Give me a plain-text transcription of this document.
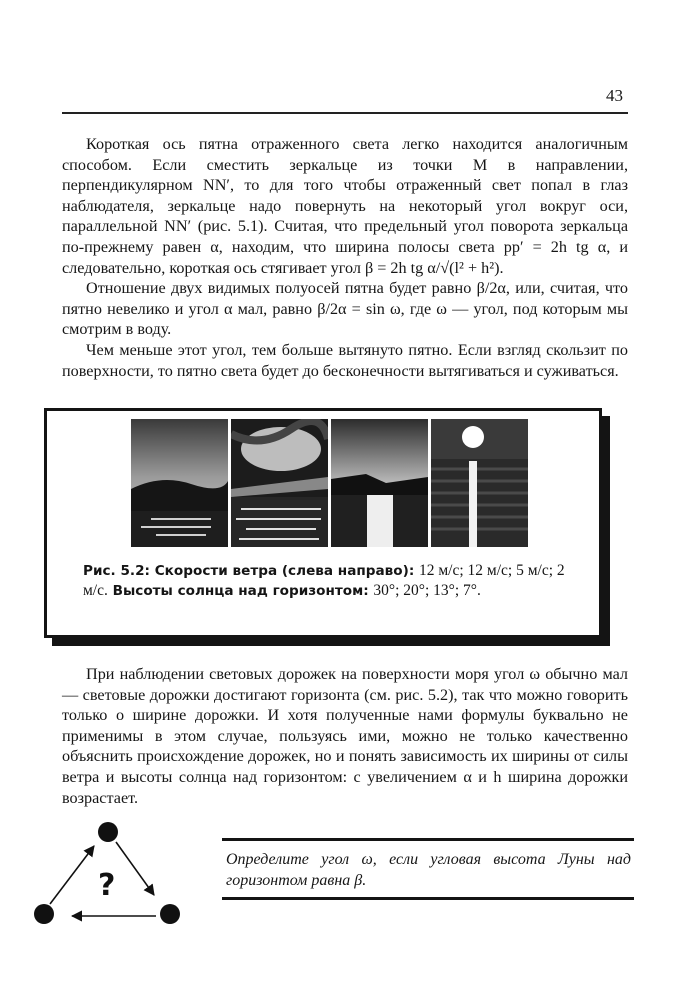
43

Короткая ось пятна отраженного света легко находится аналогичным способом. Если сместить зеркальце из точки M в направлении, перпендикулярном NN′, то для того чтобы отраженный свет попал в глаз наблюдателя, зеркальце надо повернуть на некоторый угол вокруг оси, параллельной NN′ (рис. 5.1). Считая, что предельный угол поворота зеркальца по-прежнему равен α, находим, что ширина полосы света pp′ = 2h tg α, и следовательно, короткая ось стягивает угол β = 2h tg α/√(l² + h²).

Отношение двух видимых полуосей пятна будет равно β/2α, или, считая, что пятно невелико и угол α мал, равно β/2α = sin ω, где ω — угол, под которым мы смотрим в воду.

Чем меньше этот угол, тем больше вытянуто пятно. Если взгляд скользит по поверхности, то пятно света будет до бесконечности вытягиваться и суживаться.

Рис. 5.2: Скорости ветра (слева направо): 12 м/с; 12 м/с; 5 м/с; 2 м/с. Высоты солнца над горизонтом: 30°; 20°; 13°; 7°.

При наблюдении световых дорожек на поверхности моря угол ω обычно мал — световые дорожки достигают горизонта (см. рис. 5.2), так что можно говорить только о ширине дорожки. И хотя полученные нами формулы буквально не применимы в этом случае, пользуясь ими, можно не только качественно объяснить происхождение дорожек, но и понять зависимость их ширины от силы ветра и высоты солнца над горизонтом: с увеличением α и h ширина дорожки возрастает.

?
Определите угол ω, если угловая высота Луны над горизонтом равна β.
